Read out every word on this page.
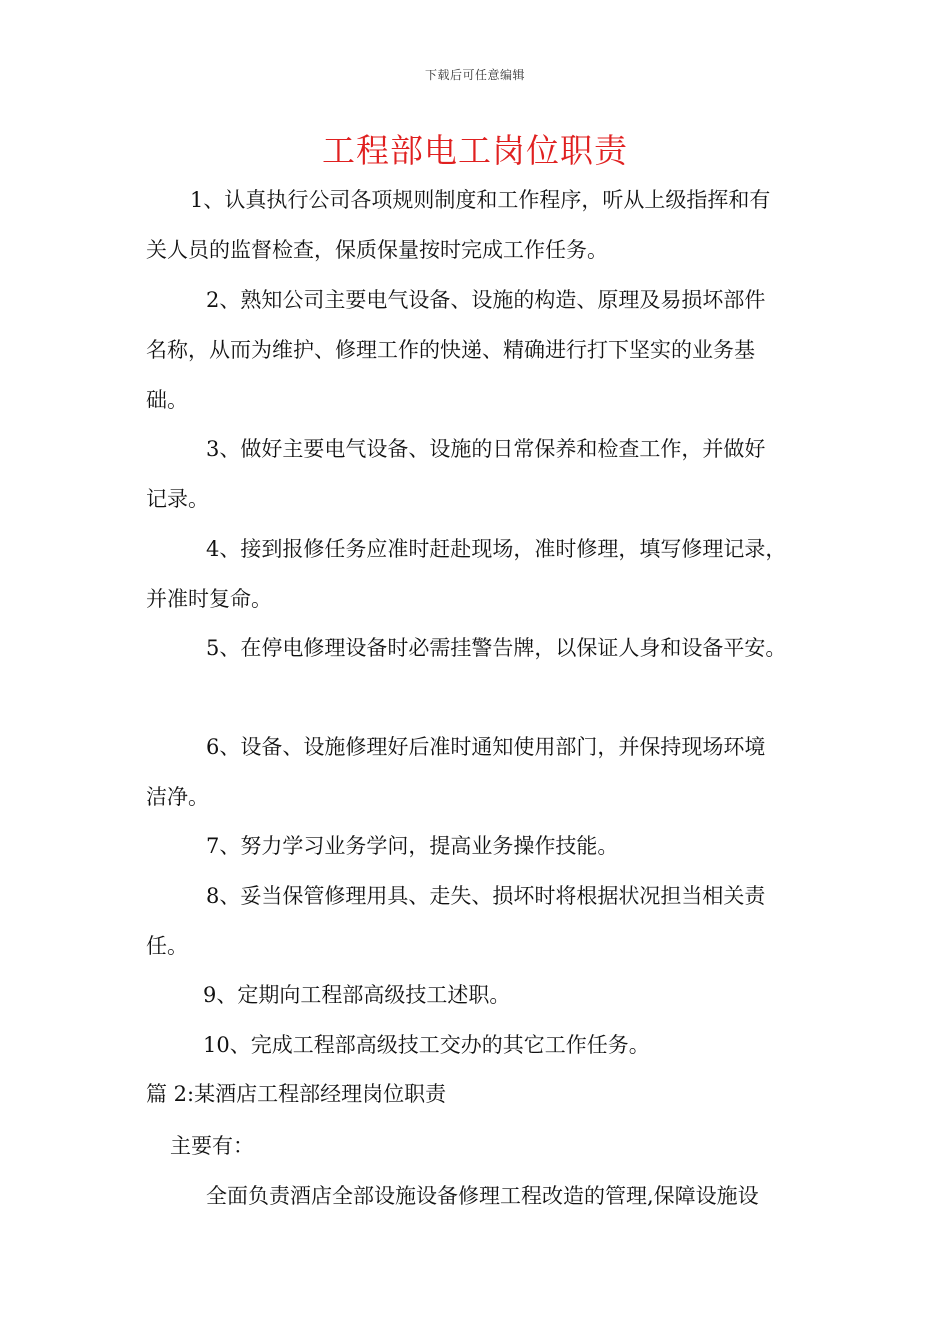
下载后可任意编辑
工程部电工岗位职责
1、认真执行公司各项规则制度和工作程序，听从上级指挥和有
关人员的监督检查，保质保量按时完成工作任务。
2、熟知公司主要电气设备、设施的构造、原理及易损坏部件
名称，从而为维护、修理工作的快递、精确进行打下坚实的业务基
础。
3、做好主要电气设备、设施的日常保养和检查工作，并做好
记录。
4、接到报修任务应准时赶赴现场，准时修理，填写修理记录，
并准时复命。
5、在停电修理设备时必需挂警告牌，以保证人身和设备平安。
6、设备、设施修理好后准时通知使用部门，并保持现场环境
洁净。
7、努力学习业务学问，提高业务操作技能。
8、妥当保管修理用具、走失、损坏时将根据状况担当相关责
任。
9、定期向工程部高级技工述职。
10、完成工程部高级技工交办的其它工作任务。
篇 2:某酒店工程部经理岗位职责
主要有：
全面负责酒店全部设施设备修理工程改造的管理,保障设施设
